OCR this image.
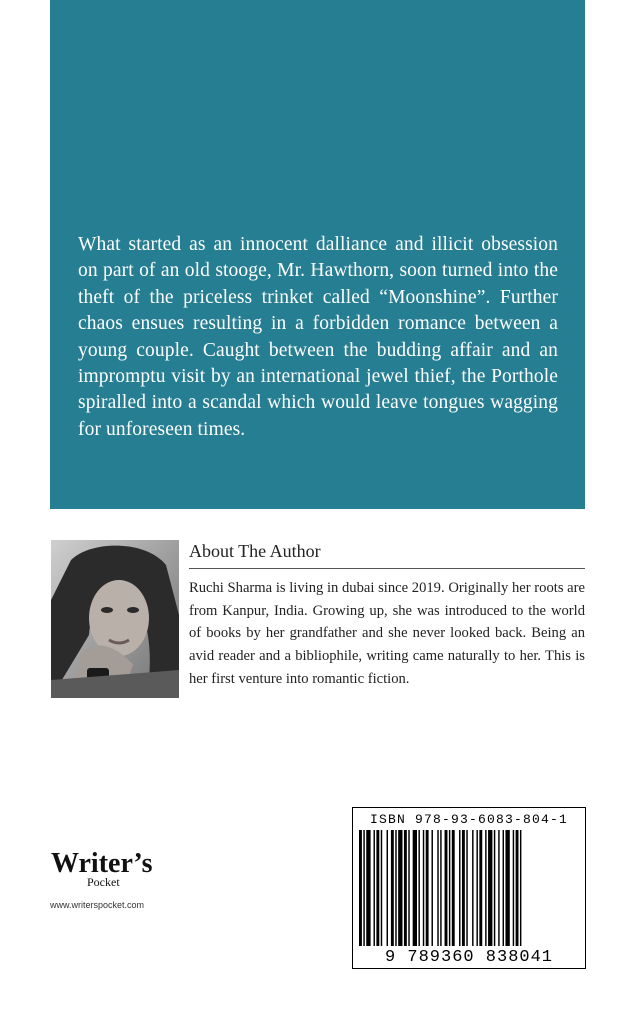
What started as an innocent dalliance and illicit obsession on part of an old stooge, Mr. Hawthorn, soon turned into the theft of the priceless trinket called “Moonshine”. Further chaos ensues resulting in a forbidden romance between a young couple. Caught between the budding affair and an impromptu visit by an international jewel thief, the Porthole spiralled into a scandal which would leave tongues wagging for unforeseen times.
About The Author
Ruchi Sharma is living in dubai since 2019. Originally her roots are from Kanpur, India. Growing up, she was introduced to the world of books by her grandfather and she never looked back. Being an avid reader and a bibliophile, writing came naturally to her. This is her first venture into romantic fiction.
Writer’s
Pocket
www.writerspocket.com
ISBN 978-93-6083-804-1
9 789360 838041
